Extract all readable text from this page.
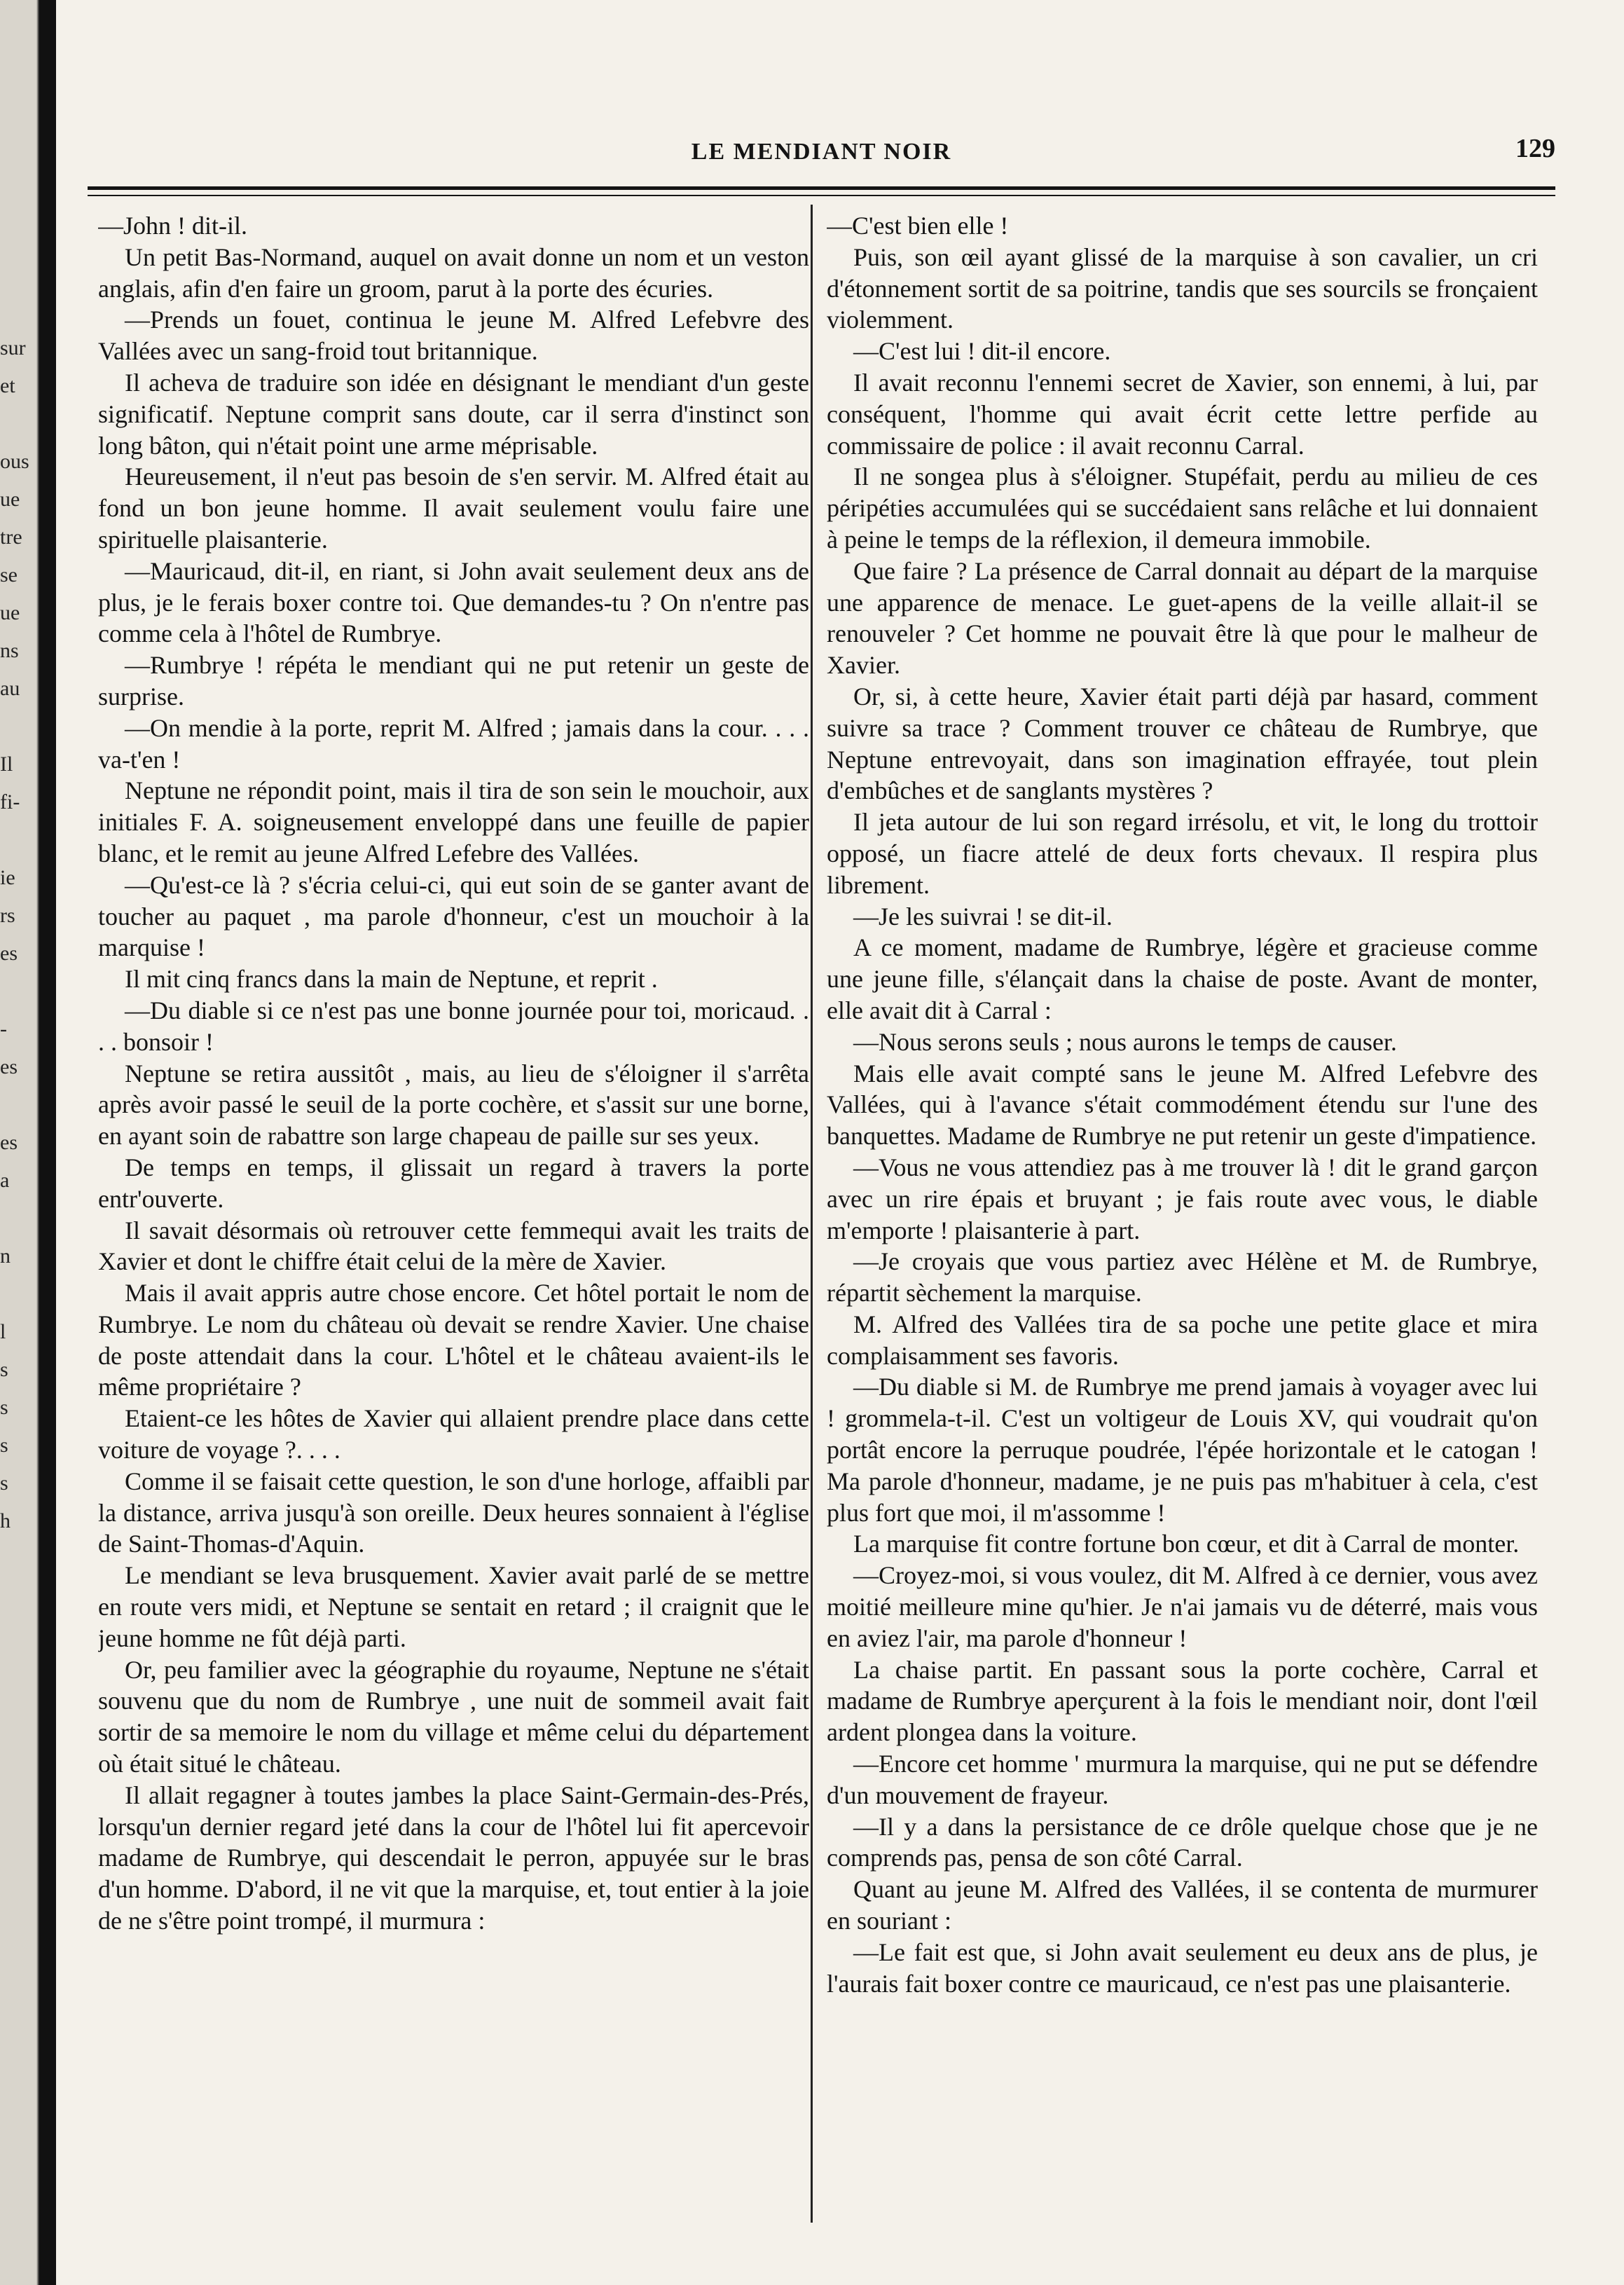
sur
et
ous
ue
tre
se
ue
ns
au
Il
fi-
ie
rs
es
-
es
es
a
n
l
s
s
s
s
h
LE MENDIANT NOIR	129

—John ! dit-il.

Un petit Bas-Normand, auquel on avait donne un nom et un veston anglais, afin d'en faire un groom, parut à la porte des écuries.

—Prends un fouet, continua le jeune M. Alfred Lefebvre des Vallées avec un sang-froid tout britannique.

Il acheva de traduire son idée en désignant le mendiant d'un geste significatif. Neptune comprit sans doute, car il serra d'instinct son long bâton, qui n'était point une arme méprisable.

Heureusement, il n'eut pas besoin de s'en servir. M. Alfred était au fond un bon jeune homme. Il avait seulement voulu faire une spirituelle plaisanterie.

—Mauricaud, dit-il, en riant, si John avait seulement deux ans de plus, je le ferais boxer contre toi. Que demandes-tu ? On n'entre pas comme cela à l'hôtel de Rumbrye.

—Rumbrye ! répéta le mendiant qui ne put retenir un geste de surprise.

—On mendie à la porte, reprit M. Alfred ; jamais dans la cour. . . . va-t'en !

Neptune ne répondit point, mais il tira de son sein le mouchoir, aux initiales F. A. soigneusement enveloppé dans une feuille de papier blanc, et le remit au jeune Alfred Lefebre des Vallées.

—Qu'est-ce là ? s'écria celui-ci, qui eut soin de se ganter avant de toucher au paquet , ma parole d'honneur, c'est un mouchoir à la marquise !

Il mit cinq francs dans la main de Neptune, et reprit .

—Du diable si ce n'est pas une bonne journée pour toi, moricaud. . . . bonsoir !

Neptune se retira aussitôt , mais, au lieu de s'éloigner il s'arrêta après avoir passé le seuil de la porte cochère, et s'assit sur une borne, en ayant soin de rabattre son large chapeau de paille sur ses yeux.

De temps en temps, il glissait un regard à travers la porte entr'ouverte.

Il savait désormais où retrouver cette femmequi avait les traits de Xavier et dont le chiffre était celui de la mère de Xavier.

Mais il avait appris autre chose encore. Cet hôtel portait le nom de Rumbrye. Le nom du château où devait se rendre Xavier. Une chaise de poste attendait dans la cour. L'hôtel et le château avaient-ils le même propriétaire ?

Etaient-ce les hôtes de Xavier qui allaient prendre place dans cette voiture de voyage ?. . . .

Comme il se faisait cette question, le son d'une horloge, affaibli par la distance, arriva jusqu'à son oreille. Deux heures sonnaient à l'église de Saint-Thomas-d'Aquin.

Le mendiant se leva brusquement. Xavier avait parlé de se mettre en route vers midi, et Neptune se sentait en retard ; il craignit que le jeune homme ne fût déjà parti.

Or, peu familier avec la géographie du royaume, Neptune ne s'était souvenu que du nom de Rumbrye , une nuit de sommeil avait fait sortir de sa memoire le nom du village et même celui du département où était situé le château.

Il allait regagner à toutes jambes la place Saint-Germain-des-Prés, lorsqu'un dernier regard jeté dans la cour de l'hôtel lui fit apercevoir madame de Rumbrye, qui descendait le perron, appuyée sur le bras d'un homme. D'abord, il ne vit que la marquise, et, tout entier à la joie de ne s'être point trompé, il murmura :

—C'est bien elle !

Puis, son œil ayant glissé de la marquise à son cavalier, un cri d'étonnement sortit de sa poitrine, tandis que ses sourcils se fronçaient violemment.

—C'est lui ! dit-il encore.

Il avait reconnu l'ennemi secret de Xavier, son ennemi, à lui, par conséquent, l'homme qui avait écrit cette lettre perfide au commissaire de police : il avait reconnu Carral.

Il ne songea plus à s'éloigner. Stupéfait, perdu au milieu de ces péripéties accumulées qui se succédaient sans relâche et lui donnaient à peine le temps de la réflexion, il demeura immobile.

Que faire ? La présence de Carral donnait au départ de la marquise une apparence de menace. Le guet-apens de la veille allait-il se renouveler ? Cet homme ne pouvait être là que pour le malheur de Xavier.

Or, si, à cette heure, Xavier était parti déjà par hasard, comment suivre sa trace ? Comment trouver ce château de Rumbrye, que Neptune entrevoyait, dans son imagination effrayée, tout plein d'embûches et de sanglants mystères ?

Il jeta autour de lui son regard irrésolu, et vit, le long du trottoir opposé, un fiacre attelé de deux forts chevaux. Il respira plus librement.

—Je les suivrai ! se dit-il.

A ce moment, madame de Rumbrye, légère et gracieuse comme une jeune fille, s'élançait dans la chaise de poste. Avant de monter, elle avait dit à Carral :

—Nous serons seuls ; nous aurons le temps de causer.

Mais elle avait compté sans le jeune M. Alfred Lefebvre des Vallées, qui à l'avance s'était commodément étendu sur l'une des banquettes. Madame de Rumbrye ne put retenir un geste d'impatience.

—Vous ne vous attendiez pas à me trouver là ! dit le grand garçon avec un rire épais et bruyant ; je fais route avec vous, le diable m'emporte ! plaisanterie à part.

—Je croyais que vous partiez avec Hélène et M. de Rumbrye, répartit sèchement la marquise.

M. Alfred des Vallées tira de sa poche une petite glace et mira complaisamment ses favoris.

—Du diable si M. de Rumbrye me prend jamais à voyager avec lui ! grommela-t-il. C'est un voltigeur de Louis XV, qui voudrait qu'on portât encore la perruque poudrée, l'épée horizontale et le catogan ! Ma parole d'honneur, madame, je ne puis pas m'habituer à cela, c'est plus fort que moi, il m'assomme !

La marquise fit contre fortune bon cœur, et dit à Carral de monter.

—Croyez-moi, si vous voulez, dit M. Alfred à ce dernier, vous avez moitié meilleure mine qu'hier. Je n'ai jamais vu de déterré, mais vous en aviez l'air, ma parole d'honneur !

La chaise partit. En passant sous la porte cochère, Carral et madame de Rumbrye aperçurent à la fois le mendiant noir, dont l'œil ardent plongea dans la voiture.

—Encore cet homme ' murmura la marquise, qui ne put se défendre d'un mouvement de frayeur.

—Il y a dans la persistance de ce drôle quelque chose que je ne comprends pas, pensa de son côté Carral.

Quant au jeune M. Alfred des Vallées, il se contenta de murmurer en souriant :

—Le fait est que, si John avait seulement eu deux ans de plus, je l'aurais fait boxer contre ce mauricaud, ce n'est pas une plaisanterie.
